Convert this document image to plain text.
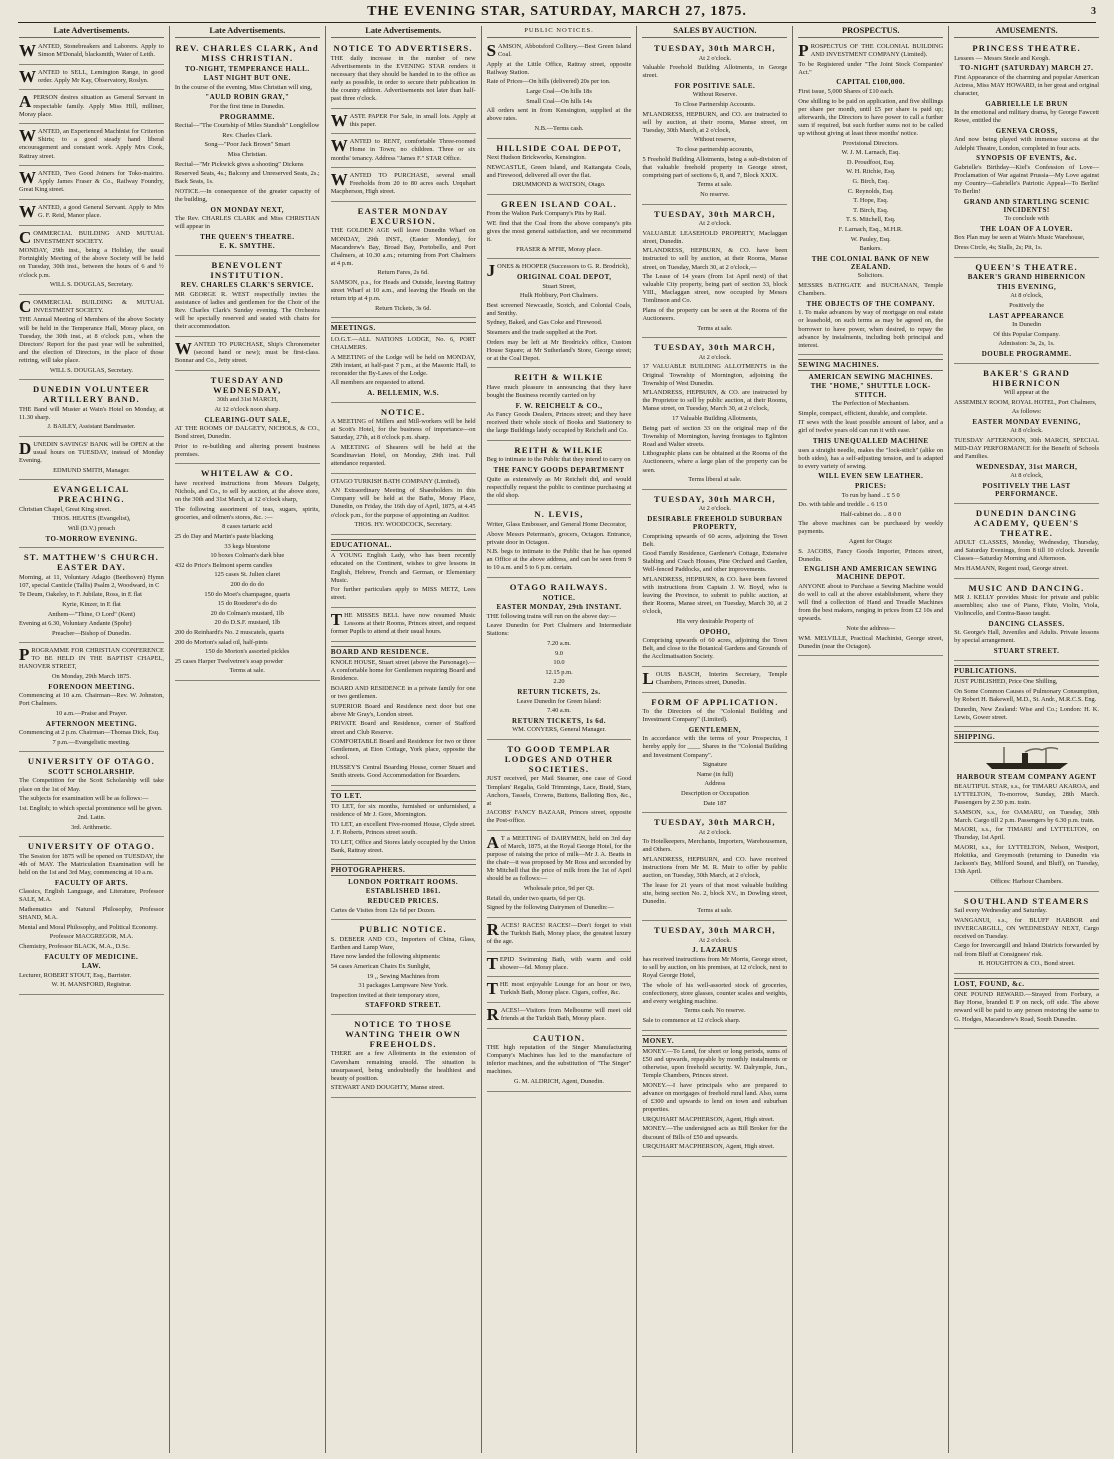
THE EVENING STAR, SATURDAY, MARCH 27, 1875.	3
Late Advertisements.

WANTED, Stonebreakers and Laborers. Apply to Simon M'Donald, blacksmith, Water of Leith.

WANTED to SELL, Lemington Range, in good order. Apply Mr Kay, Observatory, Roslyn.

A PERSON desires situation as General Servant in respectable family. Apply Miss Hill, milliner, Moray place.

WANTED, an Experienced Machinist for Criterion Shirts; to a good steady hand liberal encouragement and constant work. Apply Mrs Cook, Rattray street.

WANTED, Two Good Joiners for Toko-mairiro. Apply James Fraser & Co., Railway Foundry, Great King street.

WANTED, a good General Servant. Apply to Mrs G. F. Reid, Manor place.

COMMERCIAL BUILDING AND MUTUAL INVESTMENT SOCIETY.

MONDAY, 29th inst., being a Holiday, the usual Fortnightly Meeting of the above Society will be held on Tuesday, 30th inst., between the hours of 6 and ½ o'clock p.m.

WILL S. DOUGLAS, Secretary.

COMMERCIAL BUILDING & MUTUAL INVESTMENT SOCIETY.

THE Annual Meeting of Members of the above Society will be held in the Temperance Hall, Moray place, on Tuesday, the 30th inst., at 8 o'clock p.m., when the Directors' Report for the past year will be submitted, and the election of Directors, in the place of those retiring, will take place.

WILL S. DOUGLAS, Secretary.

DUNEDIN VOLUNTEER ARTILLERY BAND.

THE Band will Muster at Wain's Hotel on Monday, at 11.30 sharp.

J. BAILEY, Assistant Bandmaster.

DUNEDIN SAVINGS' BANK will be OPEN at the usual hours on TUESDAY, instead of Monday Evening.

EDMUND SMITH, Manager.

EVANGELICAL PREACHING.

Christian Chapel, Great King street.

THOS. HEATES (Evangelist),

Will (D.V.) preach

TO-MORROW EVENING.

ST. MATTHEW'S CHURCH. EASTER DAY.

Morning, at 11, Voluntary Adagio (Beethoven) Hymn 107, special Canticle (Tallis) Psalm 2, Woodward, in C

Te Deum, Oakeley, to F. Jubilate, Ross, in E flat

Kyrie, Kinzer, in E flat

Anthem—"Thine, O Lord" (Kent)

Evening at 6.30, Voluntary Andante (Spohr)

Preacher—Bishop of Dunedin.

PROGRAMME FOR CHRISTIAN CONFERENCE TO BE HELD IN THE BAPTIST CHAPEL, HANOVER STREET,

On Monday, 29th March 1875.

FORENOON MEETING.

Commencing at 10 a.m. Chairman—Rev. W. Johnston, Port Chalmers.

10 a.m.—Praise and Prayer.

AFTERNOON MEETING.

Commencing at 2 p.m. Chairman—Thomas Dick, Esq.

7 p.m.—Evangelistic meeting.

UNIVERSITY OF OTAGO.

SCOTT SCHOLARSHIP.

The Competition for the Scott Scholarship will take place on the 1st of May.

The subjects for examination will be as follows:—

1st. English; to which special prominence will be given.

2nd. Latin.

3rd. Arithmetic.

UNIVERSITY OF OTAGO.

The Session for 1875 will be opened on TUESDAY, the 4th of MAY. The Matriculation Examination will be held on the 1st and 3rd May, commencing at 10 a.m.

FACULTY OF ARTS.

Classics, English Language, and Literature, Professor SALE, M.A.

Mathematics and Natural Philosophy, Professor SHAND, M.A.

Mental and Moral Philosophy, and Political Economy.

Professor MACGREGOR, M.A.

Chemistry, Professor BLACK, M.A., D.Sc.

FACULTY OF MEDICINE.

LAW.

Lecturer, ROBERT STOUT, Esq., Barrister.

W. H. MANSFORD, Registrar.

Late Advertisements.

REV. CHARLES CLARK, And MISS CHRISTIAN.

TO-NIGHT, TEMPERANCE HALL.

LAST NIGHT BUT ONE.

In the course of the evening, Miss Christian will sing,

"AULD ROBIN GRAY,"

For the first time in Dunedin.

PROGRAMME.

Recital—"The Courtship of Miles Standish" Longfellow

Rev. Charles Clark.

Song—"Poor Jack Brown" Smart

Miss Christian.

Recital—"Mr Pickwick gives a shooting" Dickens

Reserved Seats, 4s.; Balcony and Unreserved Seats, 2s.; Back Seats, 1s.

NOTICE.—In consequence of the greater capacity of the building,

ON MONDAY NEXT,

The Rev. CHARLES CLARK and Miss CHRISTIAN will appear in

THE QUEEN'S THEATRE.

E. K. SMYTHE.

BENEVOLENT INSTITUTION.

REV. CHARLES CLARK'S SERVICE.

MR GEORGE R. WEST respectfully invites the assistance of ladies and gentlemen for the Choir of the Rev. Charles Clark's Sunday evening. The Orchestra will be specially reserved and seated with chairs for their accommodation.

WANTED TO PURCHASE, Ship's Chronometer (second hand or new); must be first-class. Bonnar and Co., Jetty street.

TUESDAY AND WEDNESDAY,

30th and 31st MARCH,

At 12 o'clock noon sharp.

CLEARING-OUT SALE,

AT THE ROOMS OF DALGETY, NICHOLS, & CO., Bond street, Dunedin.

Prior to re-building and altering present business premises.

WHITELAW & CO.

have received instructions from Messrs Dalgety, Nichols, and Co., to sell by auction, at the above store, on the 30th and 31st March, at 12 o'clock sharp,

The following assortment of teas, sugars, spirits, groceries, and oilmen's stores, &c. :—

8 cases tartaric acid

25 do Day and Martin's paste blacking

33 kegs bluestone

10 boxes Colman's dark blue

432 do Price's Belmont sperm candles

125 cases St. Julien claret

200 do do do

150 do Moet's champagne, quarts

15 do Roederer's do do

20 do Colman's mustard, 1lb

20 do D.S.F. mustard, 1lb

200 do Reinhardt's No. 2 muscatels, quarts

200 do Morton's salad oil, half-pints

150 do Morton's assorted pickles

25 cases Harper Twelvetree's soap powder

Terms at sale.

Late Advertisements.

NOTICE TO ADVERTISERS.

THE daily increase in the number of new Advertisements in the EVENING STAR renders it necessary that they should be handed in to the office as early as possible, in order to secure their publication in the country edition. Advertisements not later than half-past three o'clock.

WASTE PAPER For Sale, in small lots. Apply at this paper.

WANTED to RENT, comfortable Three-roomed Home in Town; no children. Three or six months' tenancy. Address "James F." STAR Office.

WANTED TO PURCHASE, several small Freeholds from 20 to 80 acres each. Urquhart Macpherson, High street.

EASTER MONDAY EXCURSION.

THE GOLDEN AGE will leave Dunedin Wharf on MONDAY, 29th INST., (Easter Monday), for Macandrew's Bay, Broad Bay, Portobello, and Port Chalmers, at 10.30 a.m.; returning from Port Chalmers at 4 p.m.

Return Fares, 2s 6d.

SAMSON, p.s., for Heads and Outside, leaving Rattray street Wharf at 10 a.m., and leaving the Heads on the return trip at 4 p.m.

Return Tickets, 3s 6d.

MEETINGS.

I.O.G.T.—ALL NATIONS LODGE, No. 6, PORT CHALMERS.

A MEETING of the Lodge will be held on MONDAY, 29th instant, at half-past 7 p.m., at the Masonic Hall, to reconsider the By-Laws of the Lodge.

All members are requested to attend.

A. BELLEMIN, W.S.

NOTICE.

A MEETING of Millers and Mill-workers will be held at Scott's Hotel, for the business of importance—on Saturday, 27th, at 8 o'clock p.m. sharp.

A MEETING of Shearers will be held at the Scandinavian Hotel, on Monday, 29th inst. Full attendance requested.

OTAGO TURKISH BATH COMPANY (Limited).

AN Extraordinary Meeting of Shareholders in this Company will be held at the Baths, Moray Place, Dunedin, on Friday, the 16th day of April, 1875, at 4.45 o'clock p.m., for the purpose of appointing an Auditor.

THOS. HY. WOODCOCK, Secretary.

EDUCATIONAL.

A YOUNG English Lady, who has been recently educated on the Continent, wishes to give lessons in English, Hebrew, French and German, or Elementary Music.

For further particulars apply to MISS METZ, Lees street.

THE MISSES BELL have now resumed Music Lessons at their Rooms, Princes street, and request former Pupils to attend at their usual hours.

BOARD AND RESIDENCE.

KNOLE HOUSE, Stuart street (above the Parsonage).—A comfortable home for Gentlemen requiring Board and Residence.

BOARD AND RESIDENCE in a private family for one or two gentlemen.

SUPERIOR Board and Residence next door but one above Mr Gray's, London street.

PRIVATE Board and Residence, corner of Stafford street and Club Reserve.

COMFORTABLE Board and Residence for two or three Gentlemen, at Eton Cottage, York place, opposite the school.

HUSSEY'S Central Boarding House, corner Stuart and Smith streets. Good Accommodation for Boarders.

TO LET.

TO LET, for six months, furnished or unfurnished, a residence of Mr J. Gore, Mornington.

TO LET, an excellent Five-roomed House, Clyde street. J. F. Roberts, Princes street south.

TO LET, Office and Stores lately occupied by the Union Bank, Rattray street.

PHOTOGRAPHERS.

LONDON PORTRAIT ROOMS.

ESTABLISHED 1861.

REDUCED PRICES.

Cartes de Visites from 12s 6d per Dozen.

PUBLIC NOTICE.

S. DEBEER AND CO., Importers of China, Glass, Earthen and Lamp Ware,

Have now landed the following shipments:

54 cases American Chairs Ex Sunlight,

19 ,, Sewing Machines from

31 packages Lampware New York.

Inspection invited at their temporary store,

STAFFORD STREET.

NOTICE TO THOSE WANTING THEIR OWN FREEHOLDS.

THERE are a few Allotments in the extension of Caversham remaining unsold. The situation is unsurpassed, being undoubtedly the healthiest and beauty of position.

STEWART AND DOUGHTY, Manse street.

PUBLIC NOTICES.

SAMSON, Abbotsford Colliery.—Best Green Island Coal.

Apply at the Little Office, Rattray street, opposite Railway Station.

Rate of Prices—On hills (delivered) 20s per ton.

Large Coal—On hills 18s

Small Coal—On hills 14s

All orders sent in from Kensington, supplied at the above rates.

N.B.—Terms cash.

HILLSIDE COAL DEPOT,

Next Hudson Brickworks, Kensington.

NEWCASTLE, Green Island, and Kaitangata Coals, and Firewood, delivered all over the flat.

DRUMMOND & WATSON, Otago.

GREEN ISLAND COAL.

From the Walton Park Company's Pits by Rail.

WE find that the Coal from the above company's pits gives the most general satisfaction, and we recommend it.

FRASER & M'FIE, Moray place.

JONES & HOOPER (Successors to G. R. Brodrick),

ORIGINAL COAL DEPOT,

Stuart Street,

Hulk Hobbury, Port Chalmers.

Best screened Newcastle, Scotch, and Colonial Coals, and Smithy.

Sydney, Baked, and Gas Coke and Firewood.

Steamers and the trade supplied at the Port.

Orders may be left at Mr Brodrick's office, Custom House Square; at Mr Sutherland's Store, George street; or at the Coal Depot.

REITH & WILKIE

Have much pleasure in announcing that they have bought the Business recently carried on by

F. W. REICHELT & CO.,

As Fancy Goods Dealers, Princes street; and they have received their whole stock of Books and Stationery to the large Buildings lately occupied by Reichelt and Co.

REITH & WILKIE

Beg to intimate to the Public that they intend to carry on

THE FANCY GOODS DEPARTMENT

Quite as extensively as Mr Reichelt did, and would respectfully request the public to continue purchasing at the old shop.

N. LEVIS,

Writer, Glass Embosser, and General Home Decorator,

Above Messrs Peterman's, grocers, Octagon. Entrance, private door in Octagon.

N.B. begs to intimate to the Public that he has opened an Office at the above address, and can be seen from 9 to 10 a.m. and 5 to 6 p.m. certain.

OTAGO RAILWAYS.

NOTICE.

EASTER MONDAY, 29th INSTANT.

THE following trains will run on the above day:—

Leave Dunedin for Port Chalmers and Intermediate Stations:

7.20 a.m.

9.0

10.0

12.15 p.m.

2.20

RETURN TICKETS, 2s.

Leave Dunedin for Green Island:

7.40 a.m.

RETURN TICKETS, 1s 6d.

WM. CONYERS, General Manager.

TO GOOD TEMPLAR LODGES AND OTHER SOCIETIES.

JUST received, per Mail Steamer, one case of Good Templars' Regalia, Gold Trimmings, Lace, Braid, Stars, Anchors, Tassels, Crowns, Buttons, Balloting Box, &c., at

JACOBS' FANCY BAZAAR, Princes street, opposite the Post-office.

A T a MEETING of DAIRYMEN, held on 3rd day of March, 1875, at the Royal George Hotel, for the purpose of raising the price of milk—Mr J. A. Beatts in the chair—it was proposed by Mr Ross and seconded by Mr Mitchell that the price of milk from the 1st of April should be as follows:—

Wholesale price, 9d per Qt.

Retail do, under two quarts, 6d per Qt.

Signed by the following Dairymen of Dunedin:—

RACES! RACES! RACES!—Don't forget to visit the Turkish Bath, Moray place, the greatest luxury of the age.

TEPID Swimming Bath, with warm and cold shower—6d. Moray place.

THE most enjoyable Lounge for an hour or two, Turkish Bath, Moray place. Cigars, coffee, &c.

RACES!—Visitors from Melbourne will meet old friends at the Turkish Bath, Moray place.

CAUTION.

THE high reputation of the Singer Manufacturing Company's Machines has led to the manufacture of inferior machines, and the substitution of "The Singer" machines.

G. M. ALDRICH, Agent, Dunedin.

SALES BY AUCTION.

TUESDAY, 30th MARCH,

At 2 o'clock.

Valuable Freehold Building Allotments, in George street.

FOR POSITIVE SALE.

Without Reserve.

To Close Partnership Accounts.

M'LANDRESS, HEPBURN, and CO. are instructed to sell by auction, at their rooms, Manse street, on Tuesday, 30th March, at 2 o'clock,

Without reserve,

To close partnership accounts,

5 Freehold Building Allotments, being a sub-division of that valuable freehold property in George street, comprising part of sections 6, 8, and 7, Block XXIX.

Terms at sale.

No reserve.

TUESDAY, 30th MARCH,

At 2 o'clock.

VALUABLE LEASEHOLD PROPERTY, Maclaggan street, Dunedin.

M'LANDRESS, HEPBURN, & CO. have been instructed to sell by auction, at their Rooms, Manse street, on Tuesday, March 30, at 2 o'clock,—

The Lease of 14 years (from 1st April next) of that valuable City property, being part of section 33, block VIII., Maclaggan street, now occupied by Messrs Tomlinson and Co.

Plans of the property can be seen at the Rooms of the Auctioneers.

Terms at sale.

TUESDAY, 30th MARCH,

At 2 o'clock.

17 VALUABLE BUILDING ALLOTMENTS in the Original Township of Mornington, adjoining the Township of West Dunedin.

M'LANDRESS, HEPBURN, & CO. are instructed by the Proprietor to sell by public auction, at their Rooms, Manse street, on Tuesday, March 30, at 2 o'clock,

17 Valuable Building Allotments,

Being part of section 33 on the original map of the Township of Mornington, having frontages to Eglinton Road and Walter streets.

Lithographic plans can be obtained at the Rooms of the Auctioneers, where a large plan of the property can be seen.

Terms liberal at sale.

TUESDAY, 30th MARCH,

At 2 o'clock.

DESIRABLE FREEHOLD SUBURBAN PROPERTY,

Comprising upwards of 60 acres, adjoining the Town Belt.

Good Family Residence, Gardener's Cottage, Extensive Stabling and Coach Houses, Pine Orchard and Garden, Well-fenced Paddocks, and other improvements.

M'LANDRESS, HEPBURN, & CO. have been favored with instructions from Captain J. W. Boyd, who is leaving the Province, to submit to public auction, at their Rooms, Manse street, on Tuesday, March 30, at 2 o'clock,

His very desirable Property of

OPOHO,

Comprising upwards of 60 acres, adjoining the Town Belt, and close to the Botanical Gardens and Grounds of the Acclimatisation Society.

LOUIS BASCH, Interim Secretary, Temple Chambers, Princes street, Dunedin.

FORM OF APPLICATION.

To the Directors of the "Colonial Building and Investment Company" (Limited).

GENTLEMEN,

In accordance with the terms of your Prospectus, I hereby apply for ____ Shares in the "Colonial Building and Investment Company".

Signature

Name (in full)

Address

Description or Occupation

Date 187

TUESDAY, 30th MARCH,

At 2 o'clock.

To Hotelkeepers, Merchants, Importers, Warehousemen, and Others.

M'LANDRESS, HEPBURN, and CO. have received instructions from Mr M. R. Muir to offer by public auction, on Tuesday, 30th March, at 2 o'clock,

The lease for 21 years of that most valuable building site, being section No. 2, block XV., in Dowling street, Dunedin.

Terms at sale.

TUESDAY, 30th MARCH,

At 2 o'clock.

J. LAZARUS

has received instructions from Mr Morris, George street, to sell by auction, on his premises, at 12 o'clock, next to Royal George Hotel,

The whole of his well-assorted stock of groceries, confectionery, store glasses, counter scales and weights, and every weighing machine.

Terms cash. No reserve.

Sale to commence at 12 o'clock sharp.

MONEY.

MONEY.—To Lend, for short or long periods, sums of £50 and upwards, repayable by monthly instalments or otherwise, upon freehold security. W. Dalrymple, Jun., Temple Chambers, Princes street.

MONEY.—I have principals who are prepared to advance on mortgages of freehold rural land. Also, sums of £300 and upwards to lend on town and suburban properties.

URQUHART MACPHERSON, Agent, High street.

MONEY.—The undersigned acts as Bill Broker for the discount of Bills of £50 and upwards.

URQUHART MACPHERSON, Agent, High street.

PROSPECTUS.

PROSPECTUS OF THE COLONIAL BUILDING AND INVESTMENT COMPANY (Limited).

To be Registered under "The Joint Stock Companies' Act."

CAPITAL £100,000.

First issue, 5,000 Shares of £10 each.

One shilling to be paid on application, and five shillings per share per month, until £5 per share is paid up; afterwards, the Directors to have power to call a further sum if required, but such further sums not to be called up without giving at least three months' notice.

Provisional Directors.

W. J. M. Larnach, Esq.

D. Proudfoot, Esq.

W. H. Ritchie, Esq.

G. Birch, Esq.

C. Reynolds, Esq.

T. Hope, Esq.

T. Birch, Esq.

T. S. Mitchell, Esq.

F. Larnach, Esq., M.H.R.

W. Pauley, Esq.

Bankers.

THE COLONIAL BANK OF NEW ZEALAND.

Solicitors.

MESSRS BATHGATE and BUCHANAN, Temple Chambers.

THE OBJECTS OF THE COMPANY.

1. To make advances by way of mortgage on real estate or leasehold, on such terms as may be agreed on, the borrower to have power, when desired, to repay the advance by instalments, including both principal and interest.

SEWING MACHINES.

AMERICAN SEWING MACHINES.

THE "HOME," SHUTTLE LOCK-STITCH.

The Perfection of Mechanism.

Simple, compact, efficient, durable, and complete.

IT sews with the least possible amount of labor, and a girl of twelve years old can run it with ease.

THIS UNEQUALLED MACHINE

uses a straight needle, makes the "lock-stitch" (alike on both sides), has a self-adjusting tension, and is adapted to every variety of sewing.

WILL EVEN SEW LEATHER.

PRICES:

To run by hand .. £ 5 0

Do. with table and treddle .. 6 15 0

Half-cabinet do. .. 8 0 0

The above machines can be purchased by weekly payments.

Agent for Otago:

S. JACOBS, Fancy Goods Importer, Princes street, Dunedin.

ENGLISH AND AMERICAN SEWING MACHINE DEPOT.

ANYONE about to Purchase a Sewing Machine would do well to call at the above establishment, where they will find a collection of Hand and Treadle Machines from the best makers, ranging in prices from £2 10s and upwards.

Note the address—

WM. MELVILLE, Practical Machinist, George street, Dunedin (near the Octagon).

AMUSEMENTS.

PRINCESS THEATRE.

Lessees — Messrs Steele and Keogh.

TO-NIGHT (SATURDAY) MARCH 27.

First Appearance of the charming and popular American Actress, Miss MAY HOWARD, in her great and original character,

GABRIELLE LE BRUN

In the emotional and military drama, by George Fawcett Rowe, entitled the

GENEVA CROSS,

And now being played with immense success at the Adelphi Theatre, London, completed in four acts.

SYNOPSIS OF EVENTS, &c.

Gabrielle's Birthday—Kiel's Confession of Love—Proclamation of War against Prussia—My Love against my Country—Gabrielle's Patriotic Appeal—To Berlin! To Berlin!

GRAND AND STARTLING SCENIC INCIDENTS!

To conclude with

THE LOAN OF A LOVER.

Box Plan may be seen at Wain's Music Warehouse,

Dress Circle, 4s; Stalls, 2s; Pit, 1s.

QUEEN'S THEATRE.

BAKER'S GRAND HIBERNICON

THIS EVENING,

At 8 o'clock,

Positively the

LAST APPEARANCE

In Dunedin

Of this Popular Company.

Admission: 3s, 2s, 1s.

DOUBLE PROGRAMME.

BAKER'S GRAND HIBERNICON

Will appear at the

ASSEMBLY ROOM, ROYAL HOTEL, Port Chalmers,

As follows:

EASTER MONDAY EVENING,

At 8 o'clock.

TUESDAY AFTERNOON, 30th MARCH, SPECIAL MID-DAY PERFORMANCE for the Benefit of Schools and Families.

WEDNESDAY, 31st MARCH,

At 8 o'clock,

POSITIVELY THE LAST PERFORMANCE.

DUNEDIN DANCING ACADEMY, QUEEN'S THEATRE.

ADULT CLASSES, Monday, Wednesday, Thursday, and Saturday Evenings, from 8 till 10 o'clock. Juvenile Classes—Saturday Morning and Afternoon.

Mrs HAMANN, Regent road, George street.

MUSIC AND DANCING.

MR J. KELLY provides Music for private and public assemblies; also use of Piano, Flute, Violin, Viola, Violincello, and Contra-Basso taught.

DANCING CLASSES.

St. George's Hall, Juveniles and Adults. Private lessons by special arrangement.

STUART STREET.

PUBLICATIONS.

JUST PUBLISHED, Price One Shilling,

On Some Common Causes of Pulmonary Consumption, by Robert H. Bakewell, M.D., St. Andr., M.R.C.S. Eng.

Dunedin, New Zealand: Wise and Co.; London: H. K. Lewis, Gower street.

SHIPPING.

HARBOUR STEAM COMPANY AGENT

BEAUTIFUL STAR, s.s., for TIMARU AKAROA, and LYTTELTON, To-morrow, Sunday, 28th March. Passengers by 2.30 p.m. train.

SAMSON, s.s., for OAMARU, on Tuesday, 30th March. Cargo till 2 p.m. Passengers by 6.30 p.m. train.

MAORI, s.s., for TIMARU and LYTTELTON, on Thursday, 1st April.

MAORI, s.s., for LYTTELTON, Nelson, Westport, Hokitika, and Greymouth (returning to Dunedin via Jackson's Bay, Milford Sound, and Bluff), on Tuesday, 13th April.

Offices: Harbour Chambers.

SOUTHLAND STEAMERS

Sail every Wednesday and Saturday.

WANGANUI, s.s., for BLUFF HARBOR and INVERCARGILL, ON WEDNESDAY NEXT, Cargo received on Tuesday.

Cargo for Invercargill and Inland Districts forwarded by rail from Bluff at Consignees' risk.

H. HOUGHTON & CO., Bond street.

LOST, FOUND, &c.

ONE POUND REWARD.—Strayed from Forbury, a Bay Horse, branded E P on neck, off side. The above reward will be paid to any person restoring the same to G. Hodges, Macandrew's Road, South Dunedin.
